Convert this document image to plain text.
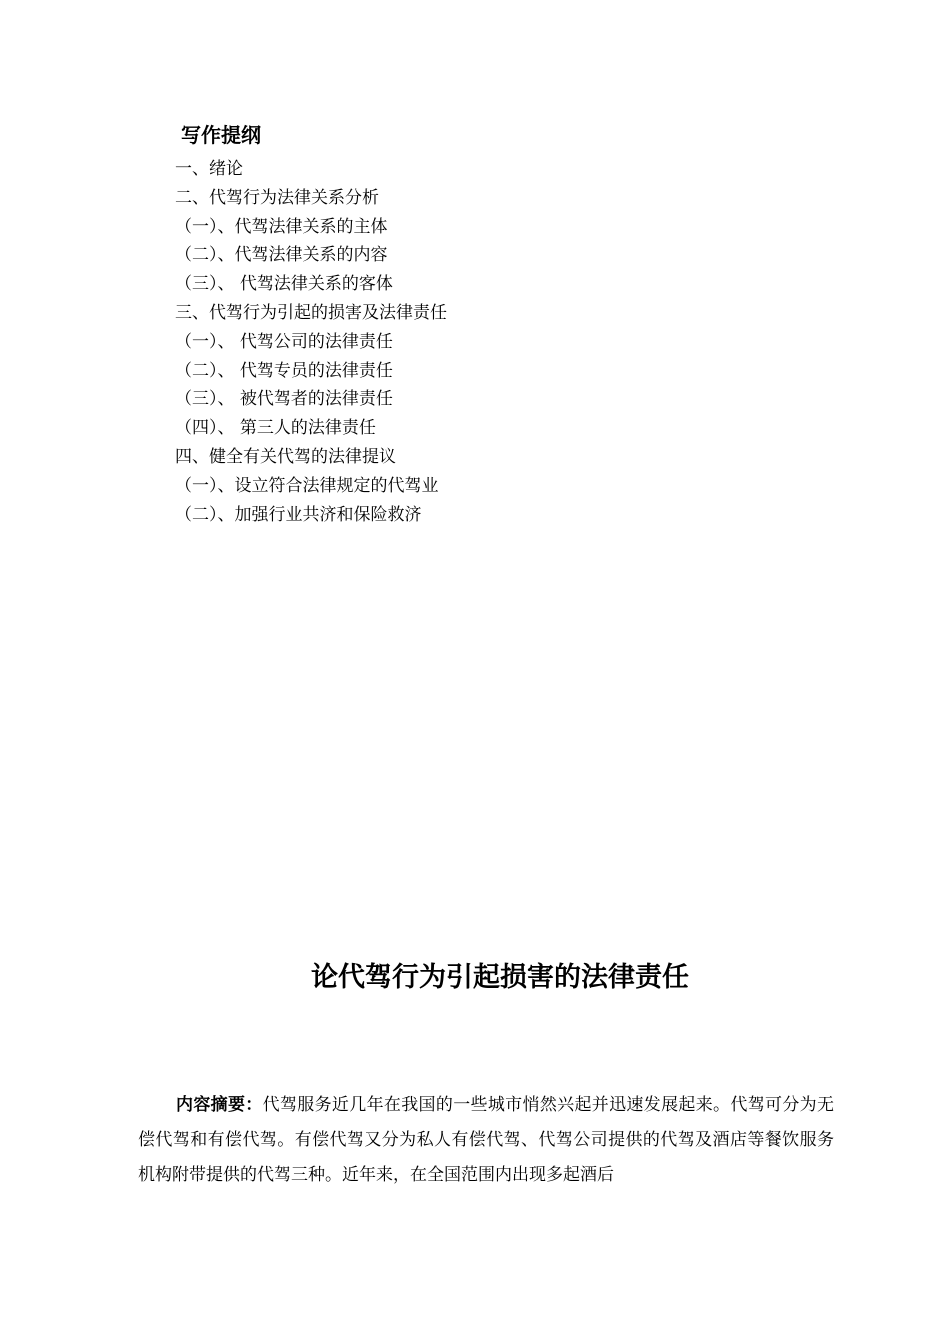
写作提纲
一、绪论
二、代驾行为法律关系分析
（一）、代驾法律关系的主体
（二）、代驾法律关系的内容
（三）、 代驾法律关系的客体
三、代驾行为引起的损害及法律责任
（一）、 代驾公司的法律责任
（二）、 代驾专员的法律责任
（三）、 被代驾者的法律责任
（四）、 第三人的法律责任
四、健全有关代驾的法律提议
（一）、设立符合法律规定的代驾业
（二）、加强行业共济和保险救济
论代驾行为引起损害的法律责任

内容摘要：代驾服务近几年在我国的一些城市悄然兴起并迅速发展起来。代驾可分为无偿代驾和有偿代驾。有偿代驾又分为私人有偿代驾、代驾公司提供的代驾及酒店等餐饮服务机构附带提供的代驾三种。近年来，在全国范围内出现多起酒后
